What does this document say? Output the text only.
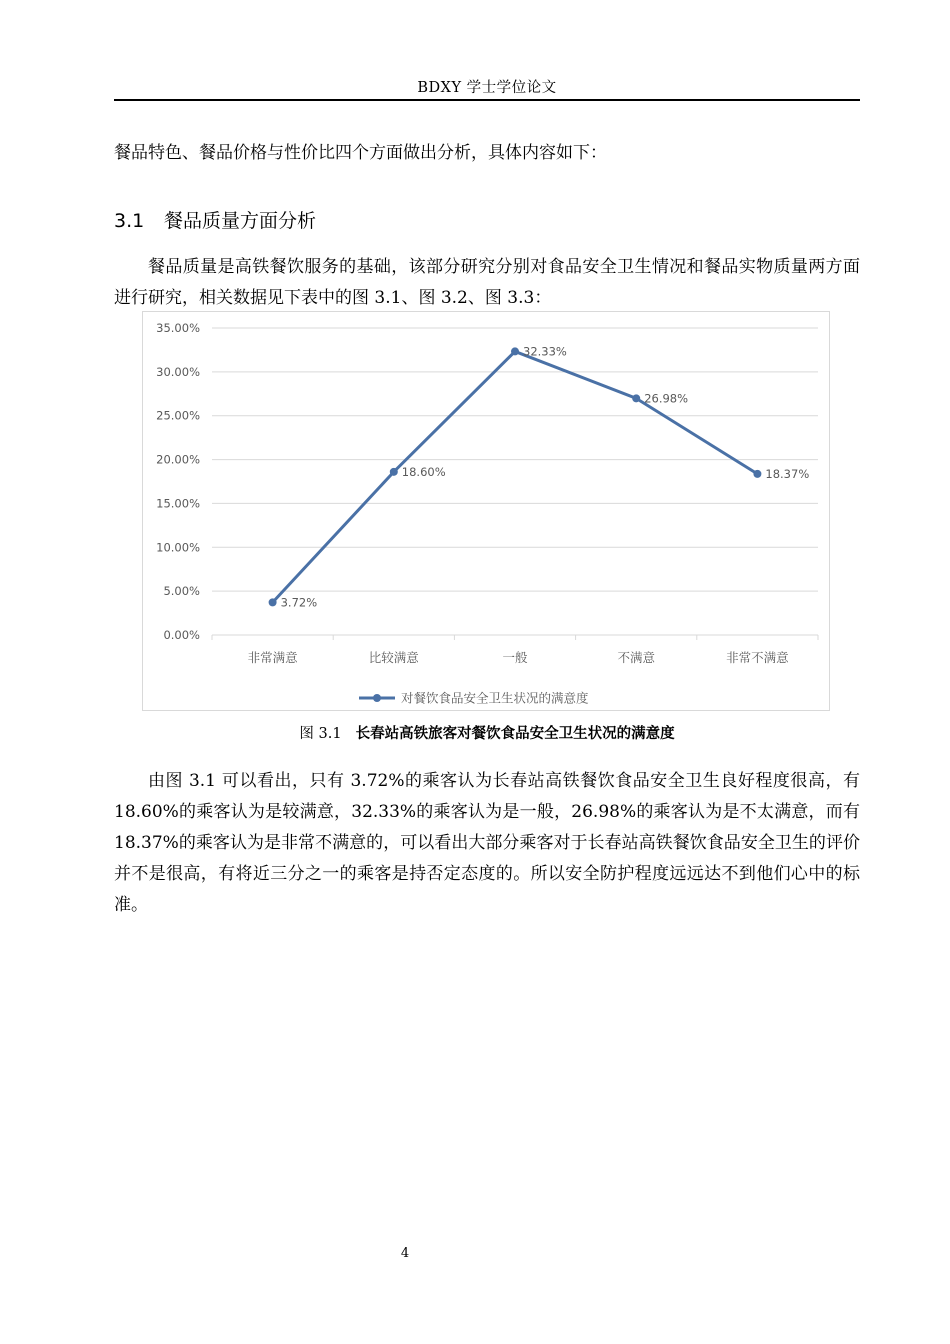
BDXY 学士学位论文
餐品特色、餐品价格与性价比四个方面做出分析，具体内容如下：
3.1 餐品质量方面分析
餐品质量是高铁餐饮服务的基础，该部分研究分别对食品安全卫生情况和餐品实物质量两方面进行研究，相关数据见下表中的图 3.1、图 3.2、图 3.3：
0.00%
5.00%
10.00%
15.00%
20.00%
25.00%
30.00%
35.00%
非常满意	比较满意	一般	不满意	非常不满意
3.72%
18.60%
32.33%
26.98%
18.37%
对餐饮食品安全卫生状况的满意度
图 3.1 长春站高铁旅客对餐饮食品安全卫生状况的满意度
由图 3.1 可以看出，只有 3.72%的乘客认为长春站高铁餐饮食品安全卫生良好程度很高，有 18.60%的乘客认为是较满意，32.33%的乘客认为是一般，26.98%的乘客认为是不太满意，而有 18.37%的乘客认为是非常不满意的，可以看出大部分乘客对于长春站高铁餐饮食品安全卫生的评价并不是很高，有将近三分之一的乘客是持否定态度的。所以安全防护程度远远达不到他们心中的标准。
4
